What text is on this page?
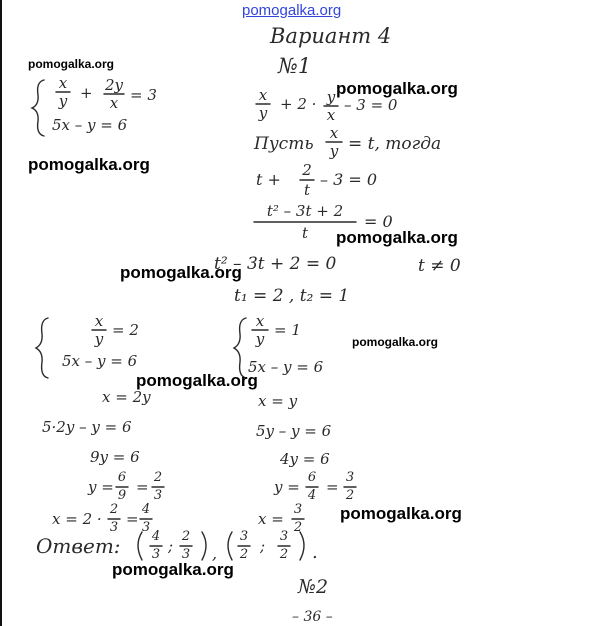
pomogalka.org
Вариант 4
№1
x
y + 2y
x = 3
5x – y = 6
x
y + 2 · y
x
– 3 = 0
Пусть
x
y = t, тогда
t + 2
t
– 3 = 0
t² – 3t + 2
t
= 0
t² – 3t + 2 = 0	t ≠ 0
t₁ = 2 , t₂ = 1
x
y = 2
5x – y = 6
x = 2y
5·2y – y = 6
9y = 6
y =
6
9 =
2
3
x = 2 ·
2
3 =
4
3
x
y = 1
5x – y = 6
x = y
5y – y = 6
4y = 6
y =
6
4 =
3
2
x =
3
2
Ответ: 4
3 ;
2
3 ,
3
2 ;
3
2 .
№2
– 36 –
pomogalka.org
pomogalka.org
pomogalka.org
pomogalka.org
pomogalka.org
pomogalka.org
pomogalka.org
pomogalka.org
pomogalka.org
